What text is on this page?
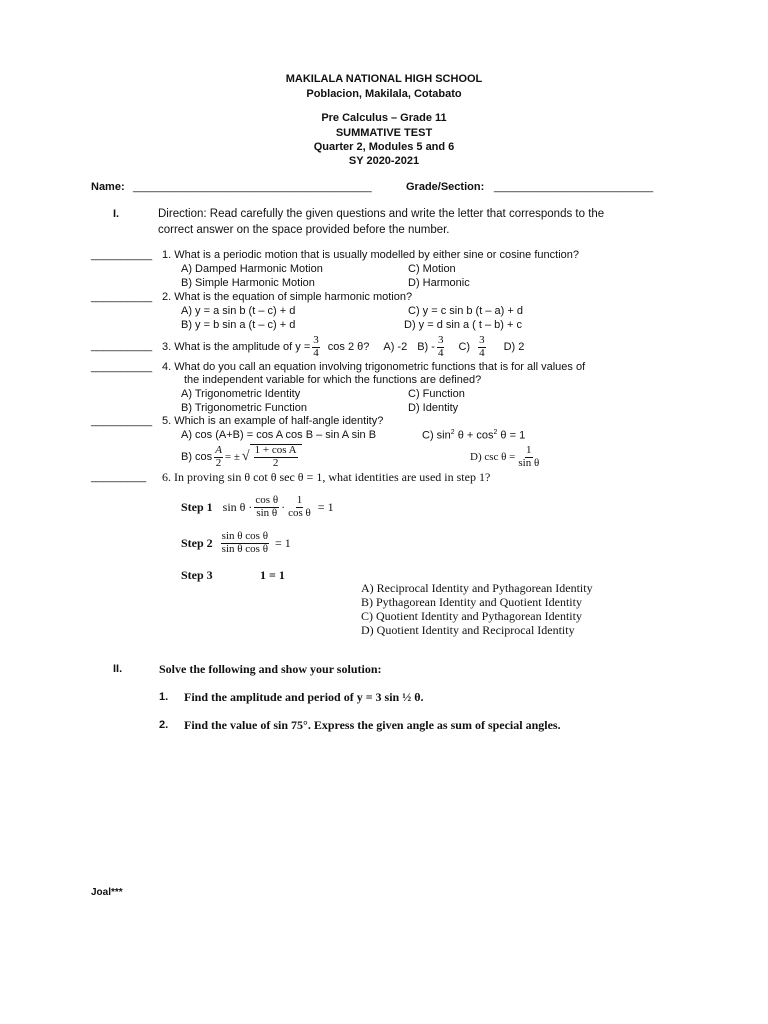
MAKILALA NATIONAL HIGH SCHOOL
Poblacion, Makilala, Cotabato
Pre Calculus – Grade 11
SUMMATIVE TEST
Quarter 2, Modules 5 and 6
SY 2020-2021
Name: _______________________________________	Grade/Section: __________________________
I.	Direction: Read carefully the given questions and write the letter that corresponds to the
correct answer on the space provided before the number.
__________ 1. What is a periodic motion that is usually modelled by either sine or cosine function?
A) Damped Harmonic Motion	C) Motion
B) Simple Harmonic Motion	D) Harmonic
__________ 2. What is the equation of simple harmonic motion?
A) y = a sin b (t – c) + d	C) y = c sin b (t – a) + d
B) y = b sin a (t – c) + d	D) y = d sin a ( t – b) + c
__________ 3. What is the amplitude of $y = \frac{3}{4}$ cos 2 θ? A) -2 $B) - \frac{3}{4} C) \frac{3}{4} D$) 2
__________ 4. What do you call an equation involving trigonometric functions that is for all values of
the independent variable for which the functions are defined?
A) Trigonometric Identity	C) Function
B) Trigonometric Function	D) Identity
__________ 5. Which is an example of half-angle identity?
A) cos (A+B) = cos A cos B – sin A sin B	C) $\sin^2 \theta + \cos^2 \theta = 1$
B) $\cos \frac{A}{2}$ = ± √ $\frac{\text{1 + cos A}}{2}$	D) $\csc \theta = \frac{1}{\text{sin θ}}$
_________ 6. In proving sin θ cot θ sec θ = 1, what identities are used in step 1?
Step 1 $\sin \theta \cdot \frac{\text{cos θ}}{\text{sin θ}} \cdot \frac{1}{\text{cos θ}} = 1$
Step $2 \frac{\text{sin θ cos θ}}{\text{sin θ cos θ}} = 1$
Step 3	1 = 1
A) Reciprocal Identity and Pythagorean Identity
B) Pythagorean Identity and Quotient Identity
C) Quotient Identity and Pythagorean Identity
D) Quotient Identity and Reciprocal Identity
II.	Solve the following and show your solution:
1. Find the amplitude and period of y = 3 sin ½ θ.
2. Find the value of sin 75°. Express the given angle as sum of special angles.
Joal***
